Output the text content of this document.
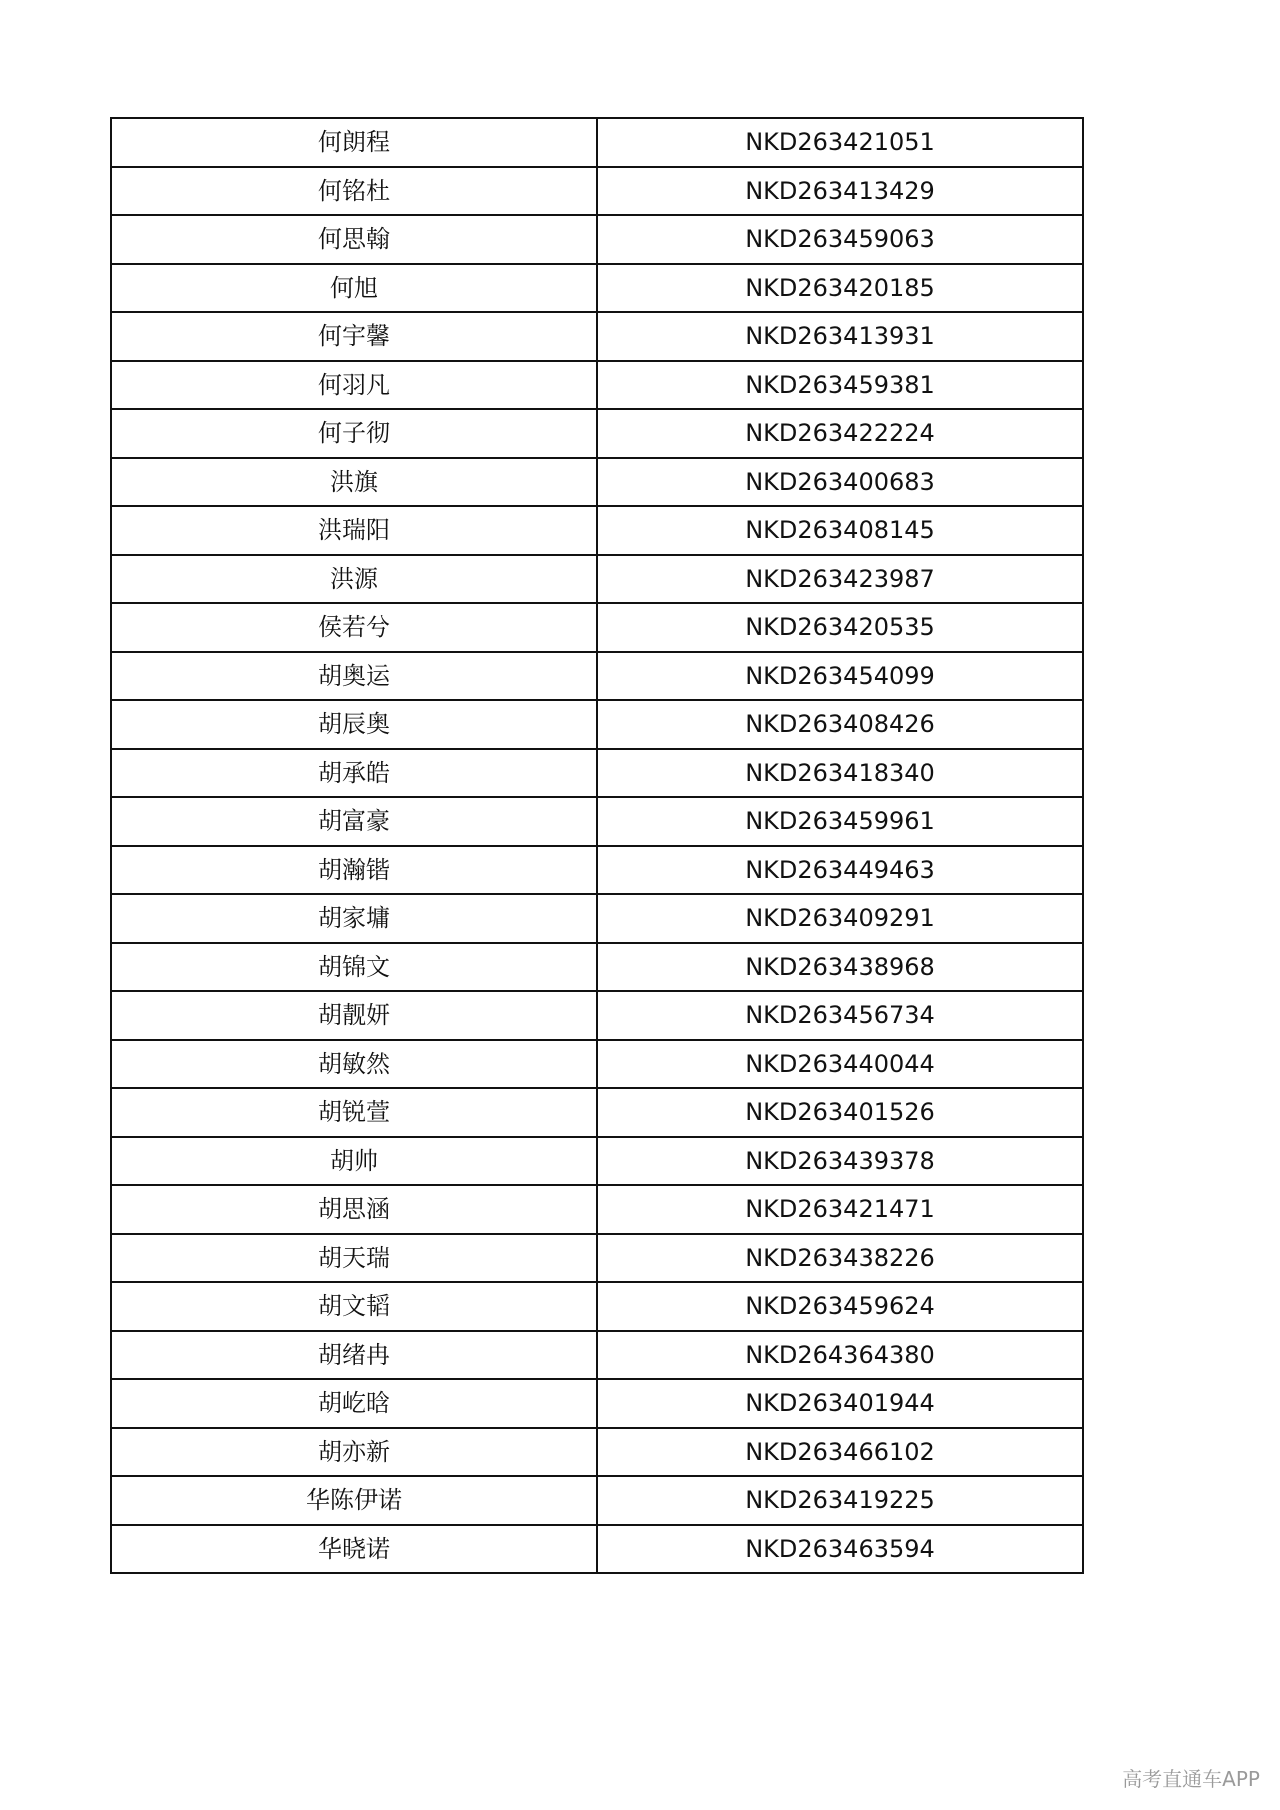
何朗程	NKD263421051
何铭杜	NKD263413429
何思翰	NKD263459063
何旭	NKD263420185
何宇馨	NKD263413931
何羽凡	NKD263459381
何子彻	NKD263422224
洪旗	NKD263400683
洪瑞阳	NKD263408145
洪源	NKD263423987
侯若兮	NKD263420535
胡奥运	NKD263454099
胡辰奥	NKD263408426
胡承皓	NKD263418340
胡富豪	NKD263459961
胡瀚锴	NKD263449463
胡家墉	NKD263409291
胡锦文	NKD263438968
胡靓妍	NKD263456734
胡敏然	NKD263440044
胡锐萱	NKD263401526
胡帅	NKD263439378
胡思涵	NKD263421471
胡天瑞	NKD263438226
胡文韬	NKD263459624
胡绪冉	NKD264364380
胡屹晗	NKD263401944
胡亦新	NKD263466102
华陈伊诺	NKD263419225
华晓诺	NKD263463594
高考直通车APP
